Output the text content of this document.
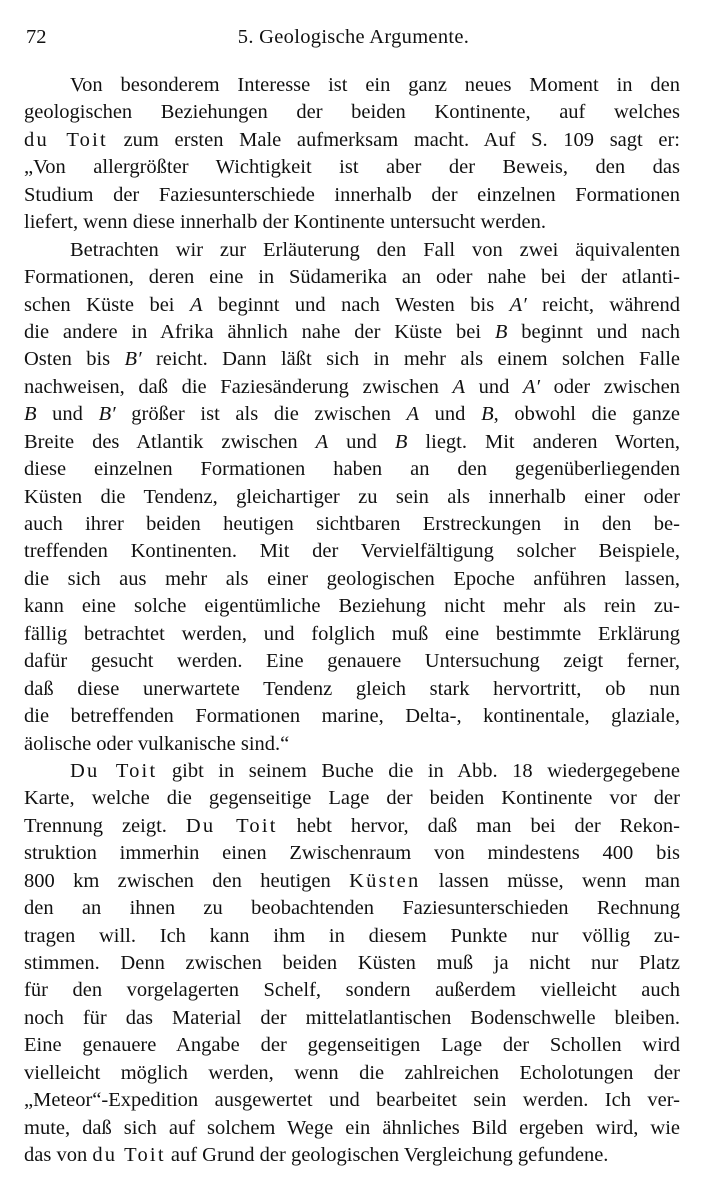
72	5. Geologische Argumente.
Von besonderem Interesse ist ein ganz neues Moment in den
geologischen Beziehungen der beiden Kontinente, auf welches
du Toit zum ersten Male aufmerksam macht. Auf S. 109 sagt er:
„Von allergrößter Wichtigkeit ist aber der Beweis, den das
Studium der Faziesunterschiede innerhalb der einzelnen Formationen
liefert, wenn diese innerhalb der Kontinente untersucht werden.
Betrachten wir zur Erläuterung den Fall von zwei äquivalenten
Formationen, deren eine in Südamerika an oder nahe bei der atlanti-
schen Küste bei A beginnt und nach Westen bis A′ reicht, während
die andere in Afrika ähnlich nahe der Küste bei B beginnt und nach
Osten bis B′ reicht. Dann läßt sich in mehr als einem solchen Falle
nachweisen, daß die Faziesänderung zwischen A und A′ oder zwischen
B und B′ größer ist als die zwischen A und B, obwohl die ganze
Breite des Atlantik zwischen A und B liegt. Mit anderen Worten,
diese einzelnen Formationen haben an den gegenüberliegenden
Küsten die Tendenz, gleichartiger zu sein als innerhalb einer oder
auch ihrer beiden heutigen sichtbaren Erstreckungen in den be-
treffenden Kontinenten. Mit der Vervielfältigung solcher Beispiele,
die sich aus mehr als einer geologischen Epoche anführen lassen,
kann eine solche eigentümliche Beziehung nicht mehr als rein zu-
fällig betrachtet werden, und folglich muß eine bestimmte Erklärung
dafür gesucht werden. Eine genauere Untersuchung zeigt ferner,
daß diese unerwartete Tendenz gleich stark hervortritt, ob nun
die betreffenden Formationen marine, Delta-, kontinentale, glaziale,
äolische oder vulkanische sind.“
Du Toit gibt in seinem Buche die in Abb. 18 wiedergegebene
Karte, welche die gegenseitige Lage der beiden Kontinente vor der
Trennung zeigt. Du Toit hebt hervor, daß man bei der Rekon-
struktion immerhin einen Zwischenraum von mindestens 400 bis
800 km zwischen den heutigen Küsten lassen müsse, wenn man
den an ihnen zu beobachtenden Faziesunterschieden Rechnung
tragen will. Ich kann ihm in diesem Punkte nur völlig zu-
stimmen. Denn zwischen beiden Küsten muß ja nicht nur Platz
für den vorgelagerten Schelf, sondern außerdem vielleicht auch
noch für das Material der mittelatlantischen Bodenschwelle bleiben.
Eine genauere Angabe der gegenseitigen Lage der Schollen wird
vielleicht möglich werden, wenn die zahlreichen Echolotungen der
„Meteor“-Expedition ausgewertet und bearbeitet sein werden. Ich ver-
mute, daß sich auf solchem Wege ein ähnliches Bild ergeben wird, wie
das von du Toit auf Grund der geologischen Vergleichung gefundene.
